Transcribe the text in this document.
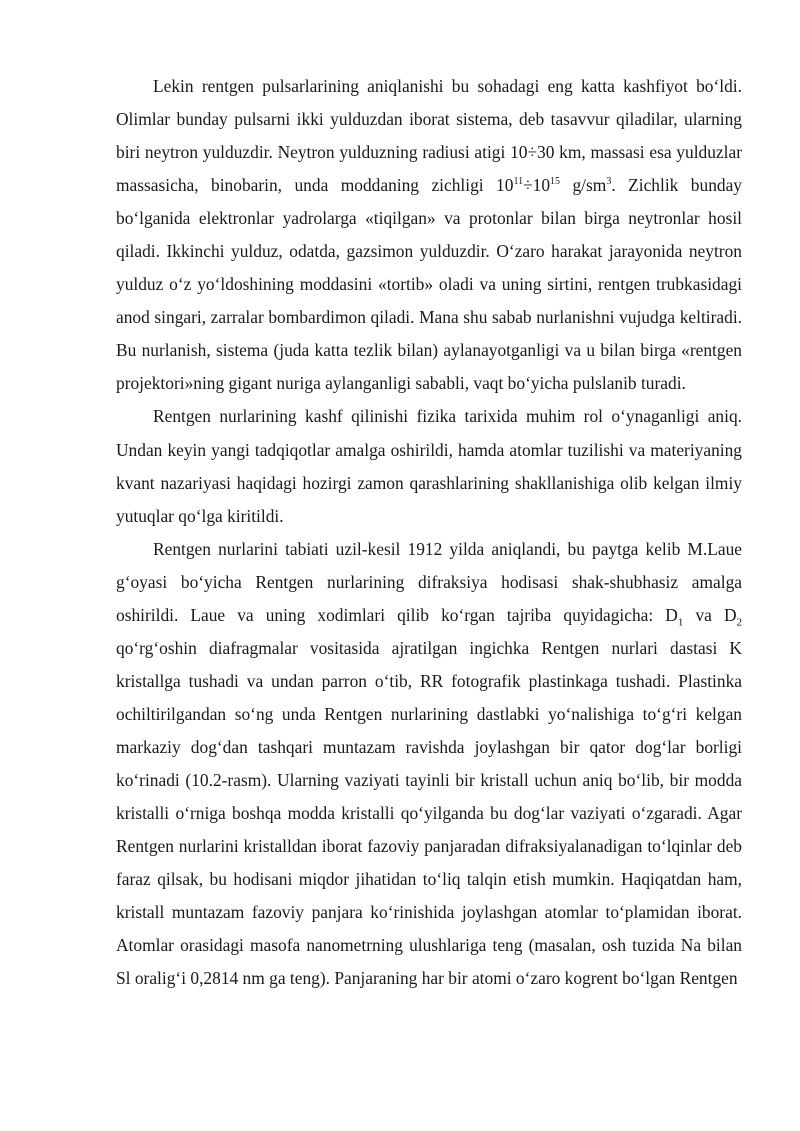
Lekin rentgen pulsarlarining aniqlanishi bu sohadagi eng katta kashfiyot boʻldi. Olimlar bunday pulsarni ikki yulduzdan iborat sistema, deb tasavvur qiladilar, ularning biri neytron yulduzdir. Neytron yulduzning radiusi atigi 10÷30 km, massasi esa yulduzlar massasicha, binobarin, unda moddaning zichligi $10^{11}\div 10^{15}$ $g/sm^3$. Zichlik bunday boʻlganida elektronlar yadrolarga «tiqilgan» va protonlar bilan birga neytronlar hosil qiladi. Ikkinchi yulduz, odatda, gazsimon yulduzdir. Oʻzaro harakat jarayonida neytron yulduz oʻz yoʻldoshining moddasini «tortib» oladi va uning sirtini, rentgen trubkasidagi anod singari, zarralar bombardimon qiladi. Mana shu sabab nurlanishni vujudga keltiradi. Bu nurlanish, sistema (juda katta tezlik bilan) aylanayotganligi va u bilan birga «rentgen projektori»ning gigant nuriga aylanganligi sababli, vaqt boʻyicha pulslanib turadi.

Rentgen nurlarining kashf qilinishi fizika tarixida muhim rol oʻynaganligi aniq. Undan keyin yangi tadqiqotlar amalga oshirildi, hamda atomlar tuzilishi va materiyaning kvant nazariyasi haqidagi hozirgi zamon qarashlarining shakllanishiga olib kelgan ilmiy yutuqlar qoʻlga kiritildi.

Rentgen nurlarini tabiati uzil-kesil 1912 yilda aniqlandi, bu paytga kelib M.Laue gʻoyasi boʻyicha Rentgen nurlarining difraksiya hodisasi shak-shubhasiz amalga oshirildi. Laue va uning xodimlari qilib koʻrgan tajriba quyidagicha: $D_1$ va $D_2$ qoʻrgʻoshin diafragmalar vositasida ajratilgan ingichka Rentgen nurlari dastasi K kristallga tushadi va undan parron oʻtib, RR fotografik plastinkaga tushadi. Plastinka ochiltirilgandan soʻng unda Rentgen nurlarining dastlabki yoʻnalishiga toʻgʻri kelgan markaziy dogʻdan tashqari muntazam ravishda joylashgan bir qator dogʻlar borligi koʻrinadi (10.2-rasm). Ularning vaziyati tayinli bir kristall uchun aniq boʻlib, bir modda kristalli oʻrniga boshqa modda kristalli qoʻyilganda bu dogʻlar vaziyati oʻzgaradi. Agar Rentgen nurlarini kristalldan iborat fazoviy panjaradan difraksiyalanadigan toʻlqinlar deb faraz qilsak, bu hodisani miqdor jihatidan toʻliq talqin etish mumkin. Haqiqatdan ham, kristall muntazam fazoviy panjara koʻrinishida joylashgan atomlar toʻplamidan iborat. Atomlar orasidagi masofa nanometrning ulushlariga teng (masalan, osh tuzida Na bilan Sl oraligʻi 0,2814 nm ga teng). Panjaraning har bir atomi oʻzaro kogrent boʻlgan Rentgen
